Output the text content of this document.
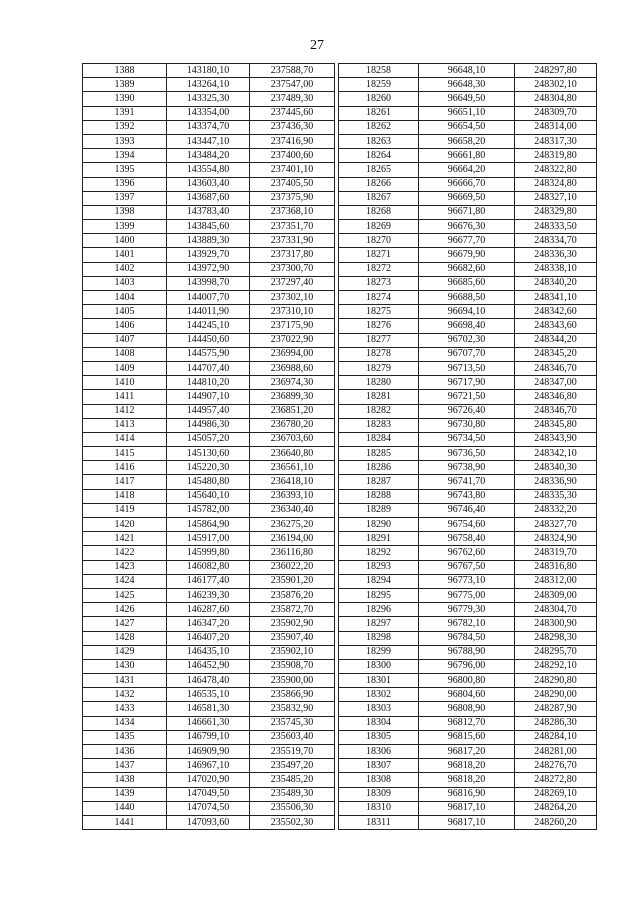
27
1388	143180,10	237588,70		18258	96648,10	248297,80
1389	143264,10	237547,00		18259	96648,30	248302,10
1390	143325,30	237489,30		18260	96649,50	248304,80
1391	143354,00	237445,60		18261	96651,10	248309,70
1392	143374,70	237436,30		18262	96654,50	248314,00
1393	143447,10	237416,90		18263	96658,20	248317,30
1394	143484,20	237400,60		18264	96661,80	248319,80
1395	143554,80	237401,10		18265	96664,20	248322,80
1396	143603,40	237405,50		18266	96666,70	248324,80
1397	143687,60	237375,90		18267	96669,50	248327,10
1398	143783,40	237368,10		18268	96671,80	248329,80
1399	143845,60	237351,70		18269	96676,30	248333,50
1400	143889,30	237331,90		18270	96677,70	248334,70
1401	143929,70	237317,80		18271	96679,90	248336,30
1402	143972,90	237300,70		18272	96682,60	248338,10
1403	143998,70	237297,40		18273	96685,60	248340,20
1404	144007,70	237302,10		18274	96688,50	248341,10
1405	144011,90	237310,10		18275	96694,10	248342,60
1406	144245,10	237175,90		18276	96698,40	248343,60
1407	144450,60	237022,90		18277	96702,30	248344,20
1408	144575,90	236994,00		18278	96707,70	248345,20
1409	144707,40	236988,60		18279	96713,50	248346,70
1410	144810,20	236974,30		18280	96717,90	248347,00
1411	144907,10	236899,30		18281	96721,50	248346,80
1412	144957,40	236851,20		18282	96726,40	248346,70
1413	144986,30	236780,20		18283	96730,80	248345,80
1414	145057,20	236703,60		18284	96734,50	248343,90
1415	145130,60	236640,80		18285	96736,50	248342,10
1416	145220,30	236561,10		18286	96738,90	248340,30
1417	145480,80	236418,10		18287	96741,70	248336,90
1418	145640,10	236393,10		18288	96743,80	248335,30
1419	145782,00	236340,40		18289	96746,40	248332,20
1420	145864,90	236275,20		18290	96754,60	248327,70
1421	145917,00	236194,00		18291	96758,40	248324,90
1422	145999,80	236116,80		18292	96762,60	248319,70
1423	146082,80	236022,20		18293	96767,50	248316,80
1424	146177,40	235901,20		18294	96773,10	248312,00
1425	146239,30	235876,20		18295	96775,00	248309,00
1426	146287,60	235872,70		18296	96779,30	248304,70
1427	146347,20	235902,90		18297	96782,10	248300,90
1428	146407,20	235907,40		18298	96784,50	248298,30
1429	146435,10	235902,10		18299	96788,90	248295,70
1430	146452,90	235908,70		18300	96796,00	248292,10
1431	146478,40	235900,00		18301	96800,80	248290,80
1432	146535,10	235866,90		18302	96804,60	248290,00
1433	146581,30	235832,90		18303	96808,90	248287,90
1434	146661,30	235745,30		18304	96812,70	248286,30
1435	146799,10	235603,40		18305	96815,60	248284,10
1436	146909,90	235519,70		18306	96817,20	248281,00
1437	146967,10	235497,20		18307	96818,20	248276,70
1438	147020,90	235485,20		18308	96818,20	248272,80
1439	147049,50	235489,30		18309	96816,90	248269,10
1440	147074,50	235506,30		18310	96817,10	248264,20
1441	147093,60	235502,30		18311	96817,10	248260,20
